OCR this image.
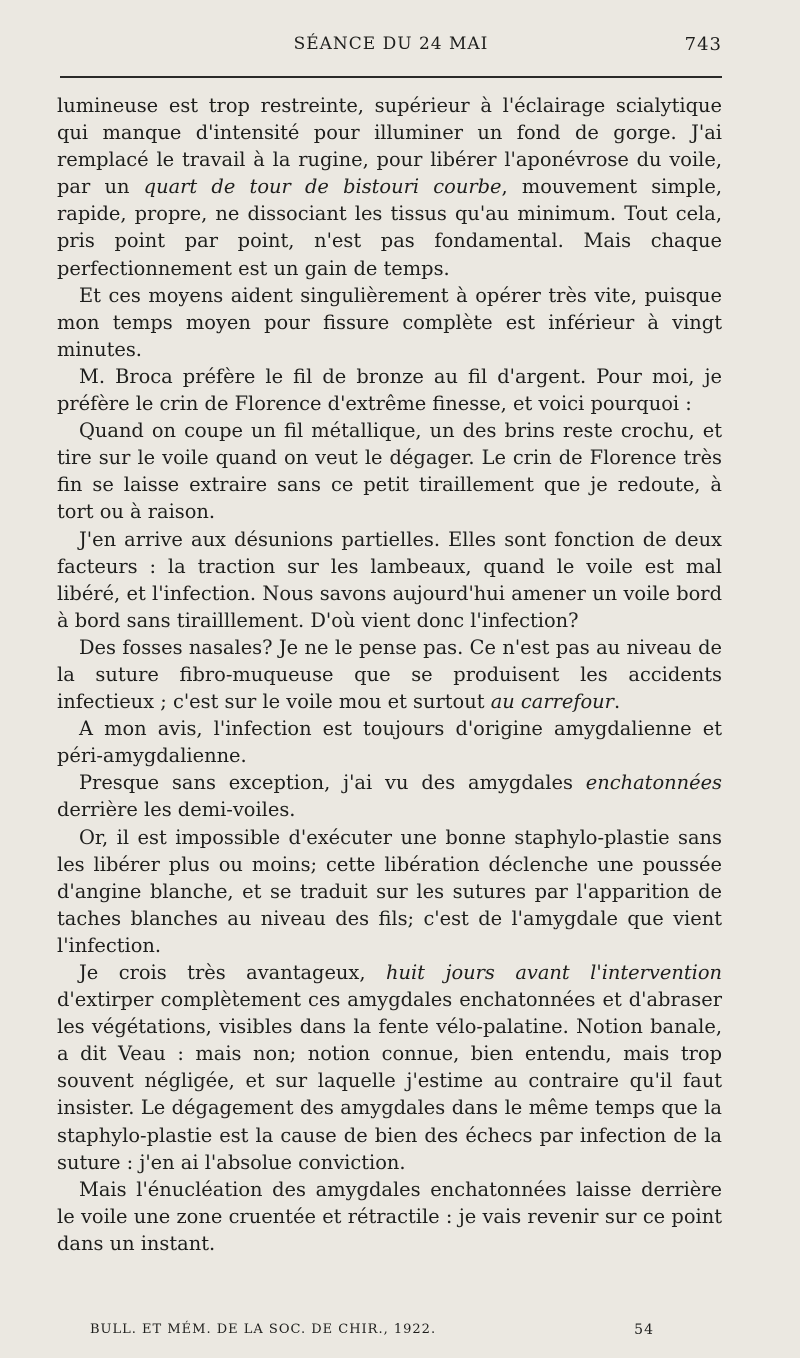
SÉANCE DU 24 MAI	743

lumineuse est trop restreinte, supérieur à l'éclairage scialytique qui manque d'intensité pour illuminer un fond de gorge. J'ai remplacé le travail à la rugine, pour libérer l'aponévrose du voile, par un quart de tour de bistouri courbe, mouvement simple, rapide, propre, ne dissociant les tissus qu'au minimum. Tout cela, pris point par point, n'est pas fondamental. Mais chaque perfectionnement est un gain de temps.

Et ces moyens aident singulièrement à opérer très vite, puisque mon temps moyen pour fissure complète est inférieur à vingt minutes.

M. Broca préfère le fil de bronze au fil d'argent. Pour moi, je préfère le crin de Florence d'extrême finesse, et voici pourquoi :

Quand on coupe un fil métallique, un des brins reste crochu, et tire sur le voile quand on veut le dégager. Le crin de Florence très fin se laisse extraire sans ce petit tiraillement que je redoute, à tort ou à raison.

J'en arrive aux désunions partielles. Elles sont fonction de deux facteurs : la traction sur les lambeaux, quand le voile est mal libéré, et l'infection. Nous savons aujourd'hui amener un voile bord à bord sans tirailllement. D'où vient donc l'infection?

Des fosses nasales? Je ne le pense pas. Ce n'est pas au niveau de la suture fibro-muqueuse que se produisent les accidents infectieux ; c'est sur le voile mou et surtout au carrefour.

A mon avis, l'infection est toujours d'origine amygdalienne et péri-amygdalienne.

Presque sans exception, j'ai vu des amygdales enchatonnées derrière les demi-voiles.

Or, il est impossible d'exécuter une bonne staphylo-plastie sans les libérer plus ou moins; cette libération déclenche une poussée d'angine blanche, et se traduit sur les sutures par l'apparition de taches blanches au niveau des fils; c'est de l'amygdale que vient l'infection.

Je crois très avantageux, huit jours avant l'intervention d'extirper complètement ces amygdales enchatonnées et d'abraser les végétations, visibles dans la fente vélo-palatine. Notion banale, a dit Veau : mais non; notion connue, bien entendu, mais trop souvent négligée, et sur laquelle j'estime au contraire qu'il faut insister. Le dégagement des amygdales dans le même temps que la staphylo-plastie est la cause de bien des échecs par infection de la suture : j'en ai l'absolue conviction.

Mais l'énucléation des amygdales enchatonnées laisse derrière le voile une zone cruentée et rétractile : je vais revenir sur ce point dans un instant.

BULL. ET MÉM. DE LA SOC. DE CHIR., 1922.	54
